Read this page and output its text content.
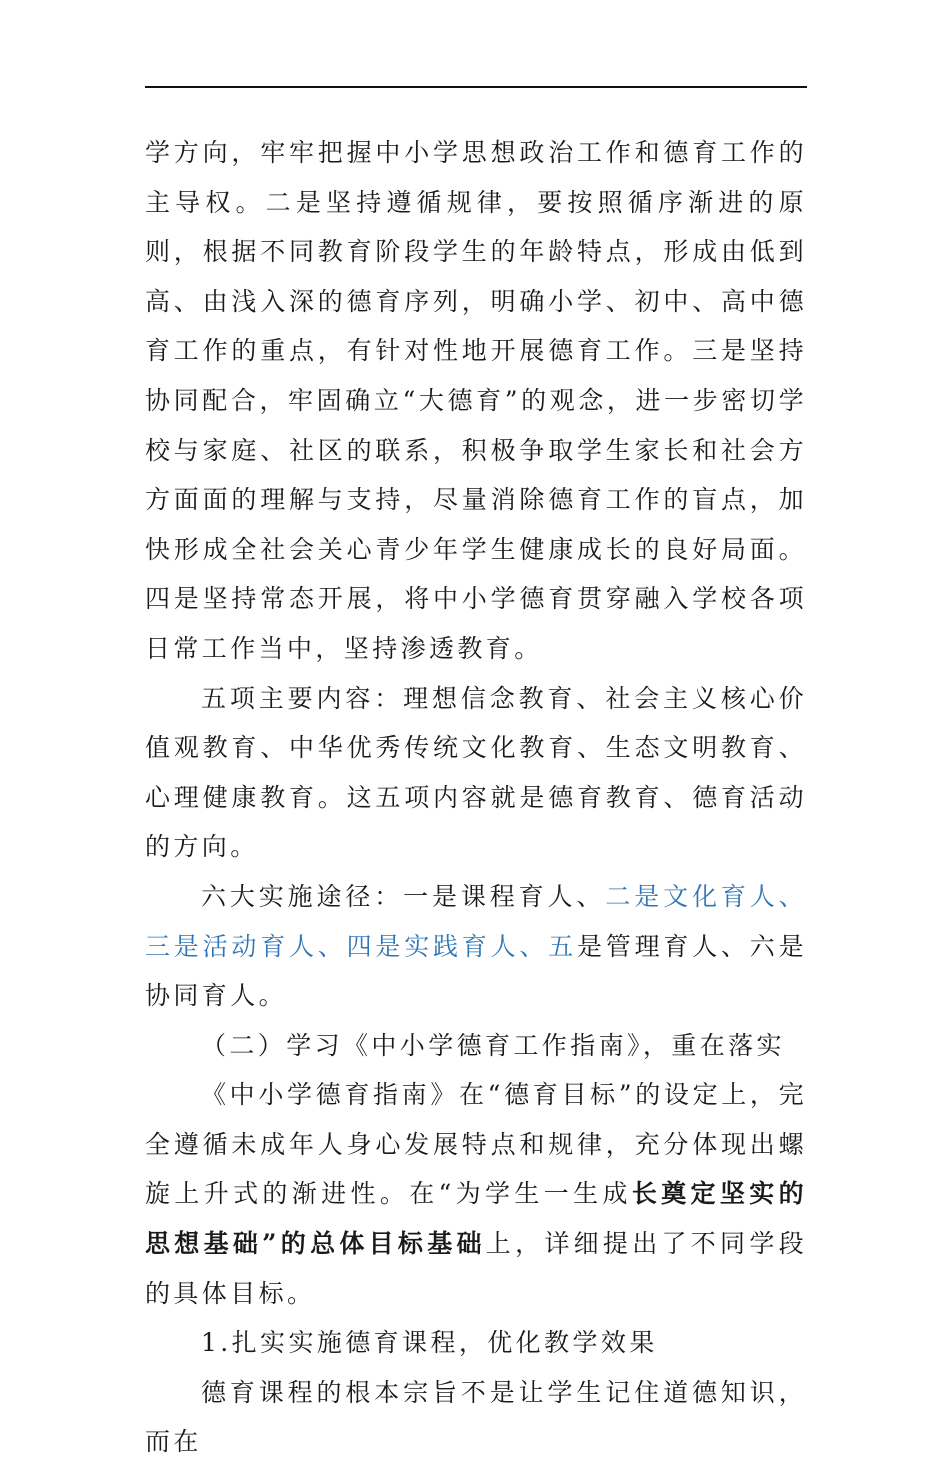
学方向，牢牢把握中小学思想政治工作和德育工作的主导权。二是坚持遵循规律，要按照循序渐进的原则，根据不同教育阶段学生的年龄特点，形成由低到高、由浅入深的德育序列，明确小学、初中、高中德育工作的重点，有针对性地开展德育工作。三是坚持协同配合，牢固确立“大德育”的观念，进一步密切学校与家庭、社区的联系，积极争取学生家长和社会方方面面的理解与支持，尽量消除德育工作的盲点，加快形成全社会关心青少年学生健康成长的良好局面。四是坚持常态开展，将中小学德育贯穿融入学校各项日常工作当中，坚持渗透教育。

五项主要内容：理想信念教育、社会主义核心价值观教育、中华优秀传统文化教育、生态文明教育、心理健康教育。这五项内容就是德育教育、德育活动的方向。

六大实施途径：一是课程育人、二是文化育人、三是活动育人、四是实践育人、五是管理育人、六是协同育人。

（二）学习《中小学德育工作指南》，重在落实

《中小学德育指南》在“德育目标”的设定上，完全遵循未成年人身心发展特点和规律，充分体现出螺旋上升式的渐进性。在“为学生一生成长奠定坚实的思想基础”的总体目标基础上，详细提出了不同学段的具体目标。

1.扎实实施德育课程，优化教学效果

德育课程的根本宗旨不是让学生记住道德知识，而在
